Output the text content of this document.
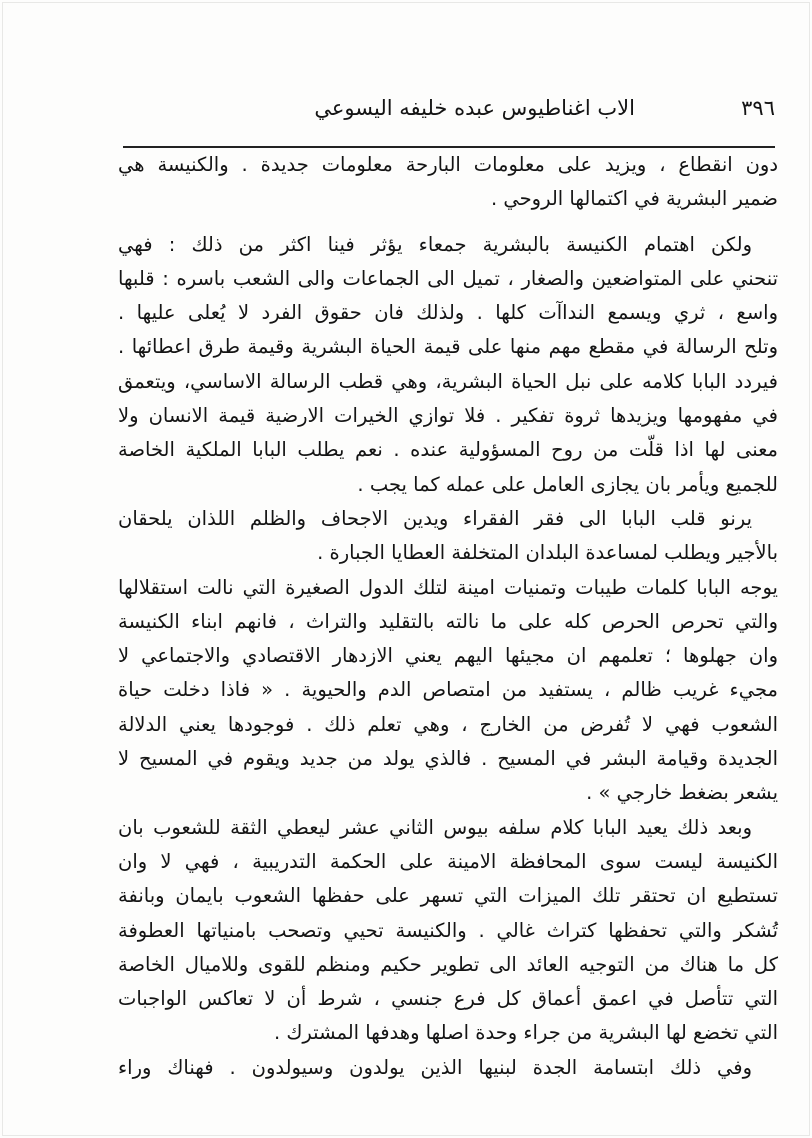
٣٩٦
الاب اغناطيوس عبده خليفه اليسوعي
دون انقطاع ، ويزيد على معلومات البارحة معلومات جديدة . والكنيسة هي
ضمير البشرية في اكتمالها الروحي .
ولكن اهتمام الكنيسة بالبشرية جمعاء يؤثر فينا اكثر من ذلك : فهي
تنحني على المتواضعين والصغار ، تميل الى الجماعات والى الشعب باسره : قلبها
واسع ، ثري ويسمع النداآت كلها . ولذلك فان حقوق الفرد لا يُعلى عليها .
وتلح الرسالة في مقطع مهم منها على قيمة الحياة البشرية وقيمة طرق اعطائها .
فيردد البابا كلامه على نبل الحياة البشرية، وهي قطب الرسالة الاساسي، ويتعمق
في مفهومها ويزيدها ثروة تفكير . فلا توازي الخيرات الارضية قيمة الانسان ولا
معنى لها اذا قلّت من روح المسؤولية عنده . نعم يطلب البابا الملكية الخاصة
للجميع ويأمر بان يجازى العامل على عمله كما يجب .
يرنو قلب البابا الى فقر الفقراء ويدين الاجحاف والظلم اللذان يلحقان
بالأجير ويطلب لمساعدة البلدان المتخلفة العطايا الجبارة .
يوجه البابا كلمات طيبات وتمنيات امينة لتلك الدول الصغيرة التي نالت استقلالها
والتي تحرص الحرص كله على ما نالته بالتقليد والتراث ، فانهم ابناء الكنيسة
وان جهلوها ؛ تعلمهم ان مجيئها اليهم يعني الازدهار الاقتصادي والاجتماعي لا
مجيء غريب ظالم ، يستفيد من امتصاص الدم والحيوية . « فاذا دخلت حياة
الشعوب فهي لا تُفرض من الخارج ، وهي تعلم ذلك . فوجودها يعني الدلالة
الجديدة وقيامة البشر في المسيح . فالذي يولد من جديد ويقوم في المسيح لا
يشعر بضغط خارجي » .
وبعد ذلك يعيد البابا كلام سلفه بيوس الثاني عشر ليعطي الثقة للشعوب بان
الكنيسة ليست سوى المحافظة الامينة على الحكمة التدريبية ، فهي لا وان
تستطيع ان تحتقر تلك الميزات التي تسهر على حفظها الشعوب بايمان وبانفة
تُشكر والتي تحفظها كتراث غالي . والكنيسة تحيي وتصحب بامنياتها العطوفة
كل ما هناك من التوجيه العائد الى تطوير حكيم ومنظم للقوى وللاميال الخاصة
التي تتأصل في اعمق أعماق كل فرع جنسي ، شرط أن لا تعاكس الواجبات
التي تخضع لها البشرية من جراء وحدة اصلها وهدفها المشترك .
وفي ذلك ابتسامة الجدة لبنيها الذين يولدون وسيولدون . فهناك وراء
